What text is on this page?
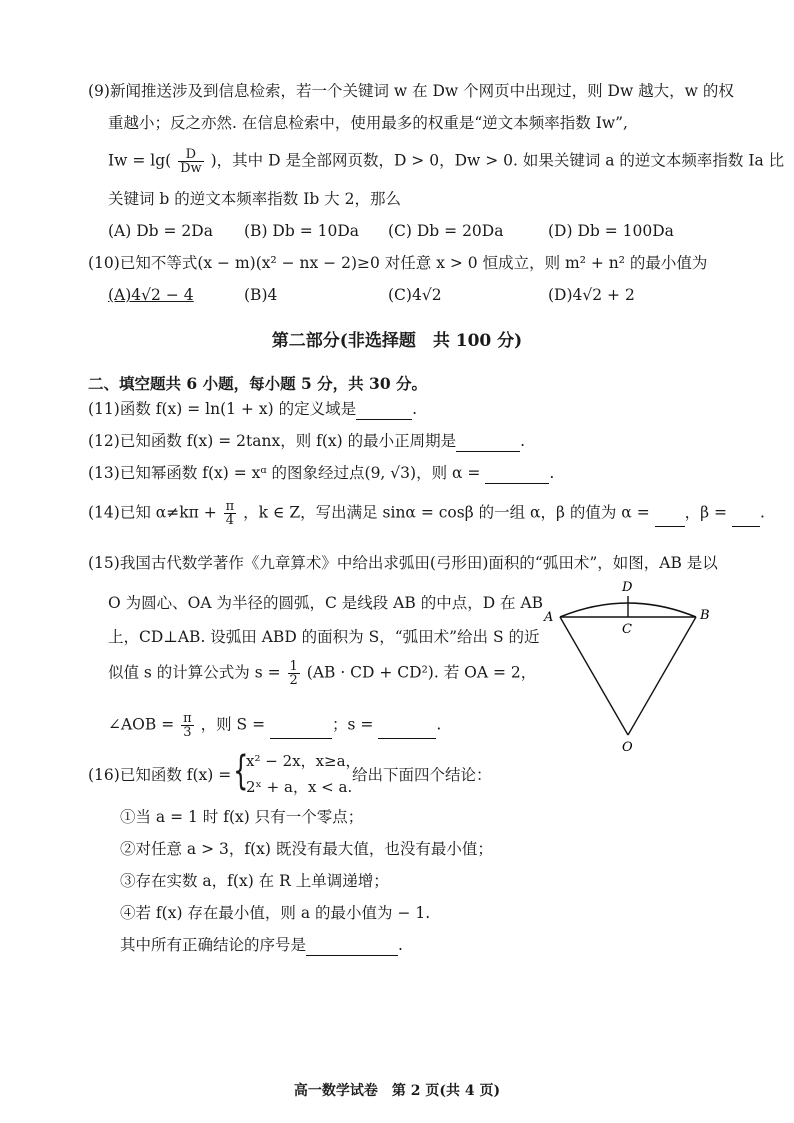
(9)新闻推送涉及到信息检索，若一个关键词 w 在 Dw 个网页中出现过，则 Dw 越大，w 的权
重越小；反之亦然. 在信息检索中，使用最多的权重是“逆文本频率指数 Iw”,
$Iw = \lg( \frac{D}{Dw}$ )，其中 D 是全部网页数，D > 0，Dw > 0. 如果关键词 a 的逆文本频率指数 Ia 比
关键词 b 的逆文本频率指数 Ib 大 2，那么
(A) Db = 2Da (B) Db = 10Da (C) Db = 20Da	(D) Db = 100Da
(10)已知不等式(x − m)(x² − nx − 2)≥0 对任意 x > 0 恒成立，则 m² + n² 的最小值为
(A)4√2 − 4	(B)4	(C)4√2	(D)4√2 + 2
第二部分(非选择题　共 100 分)
二、填空题共 6 小题，每小题 5 分，共 30 分。
(11)函数 f(x) = ln(1 + x) 的定义域是	.
(12)已知函数 f(x) = 2tanx，则 f(x) 的最小正周期是	.
(13)已知幂函数 f(x) = xᵅ 的图象经过点(9, √3)，则 α =	.
(14)已知 $\alpha\ne k\pi + \frac{\pi}{4}$ ，k ∈ Z，写出满足 sinα = cosβ 的一组 α，β 的值为 α = ，β = .
(15)我国古代数学著作《九章算术》中给出求弧田(弓形田)面积的“弧田术”，如图，AB 是以
O 为圆心、OA 为半径的圆弧，C 是线段 AB 的中点，D 在 AB
上，CD⊥AB. 设弧田 ABD 的面积为 S，“弧田术”给出 S 的近
似值 s 的计算公式为 $s = \frac{1}{2} (AB$ · CD + CD²). 若 OA = 2，
∠AOB = $\frac{\pi}{3}$ ，则 S =	；s =	.
A	B
C
D
O
(16)已知函数 f(x) = {
x² − 2x，x≥a，
2ˣ + a，x < a.
给出下面四个结论：
①当 a = 1 时 f(x) 只有一个零点；
②对任意 a > 3，f(x) 既没有最大值，也没有最小值；
③存在实数 a，f(x) 在 R 上单调递增；
④若 f(x) 存在最小值，则 a 的最小值为 − 1.
其中所有正确结论的序号是	.
高一数学试卷　第 2 页(共 4 页)
